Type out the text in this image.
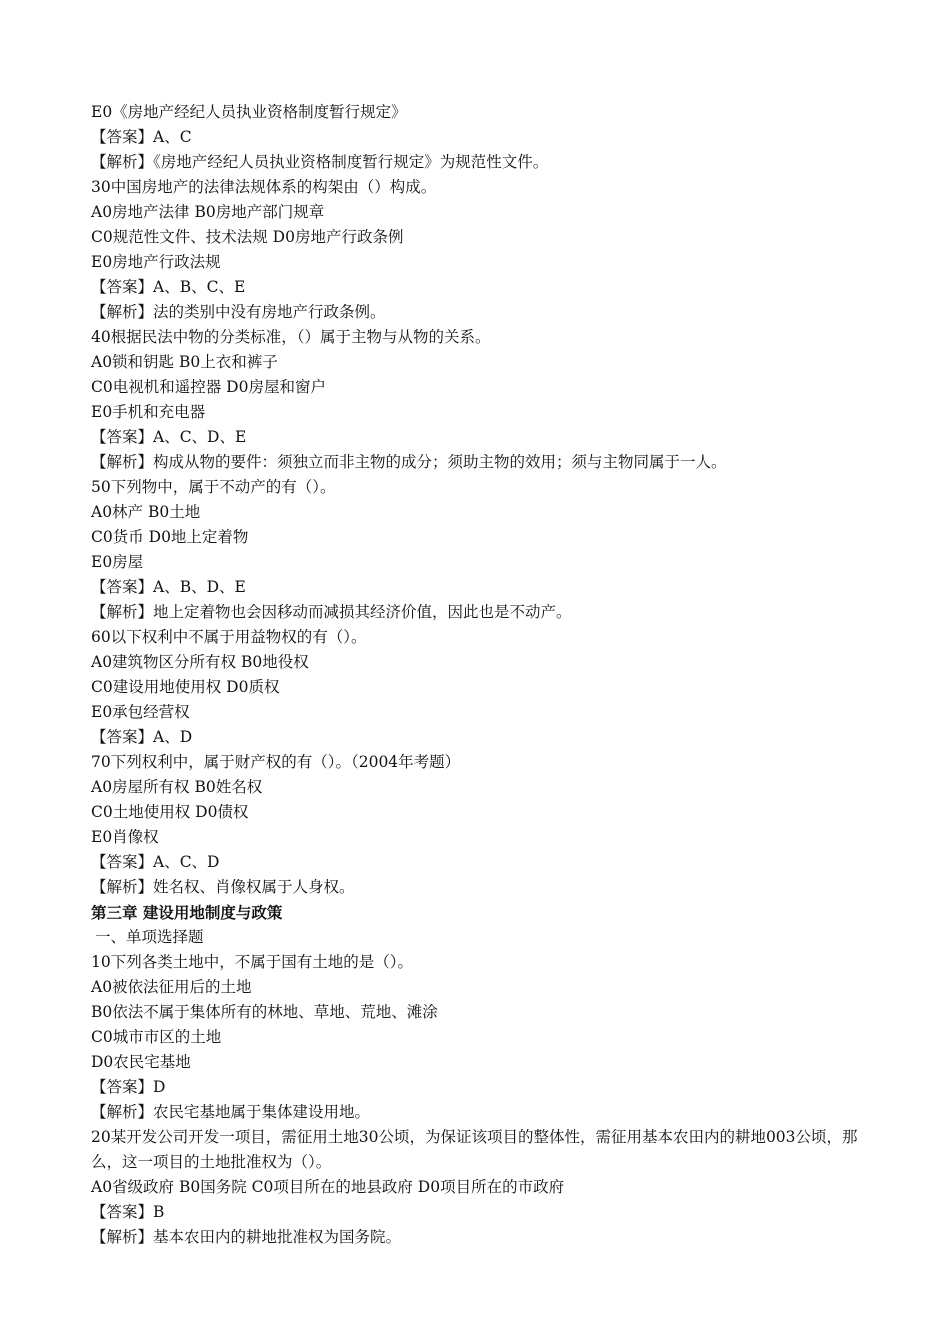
E0《房地产经纪人员执业资格制度暂行规定》
【答案】A、C
【解析】《房地产经纪人员执业资格制度暂行规定》为规范性文件。
30中国房地产的法律法规体系的构架由（）构成。
A0房地产法律 B0房地产部门规章
C0规范性文件、技术法规 D0房地产行政条例
E0房地产行政法规
【答案】A、B、C、E
【解析】法的类别中没有房地产行政条例。
40根据民法中物的分类标准，（）属于主物与从物的关系。
A0锁和钥匙 B0上衣和裤子
C0电视机和遥控器 D0房屋和窗户
E0手机和充电器
【答案】A、C、D、E
【解析】构成从物的要件：须独立而非主物的成分；须助主物的效用；须与主物同属于一人。
50下列物中，属于不动产的有（）。
A0林产 B0土地
C0货币 D0地上定着物
E0房屋
【答案】A、B、D、E
【解析】地上定着物也会因移动而减损其经济价值，因此也是不动产。
60以下权利中不属于用益物权的有（）。
A0建筑物区分所有权 B0地役权
C0建设用地使用权 D0质权
E0承包经营权
【答案】A、D
70下列权利中，属于财产权的有（）。（2004年考题）
A0房屋所有权 B0姓名权
C0土地使用权 D0债权
E0肖像权
【答案】A、C、D
【解析】姓名权、肖像权属于人身权。
第三章 建设用地制度与政策
一、单项选择题
10下列各类土地中，不属于国有土地的是（）。
A0被依法征用后的土地
B0依法不属于集体所有的林地、草地、荒地、滩涂
C0城市市区的土地
D0农民宅基地
【答案】D
【解析】农民宅基地属于集体建设用地。
20某开发公司开发一项目，需征用土地30公顷，为保证该项目的整体性，需征用基本农田内的耕地003公顷，那么，这一项目的土地批准权为（）。
A0省级政府 B0国务院 C0项目所在的地县政府 D0项目所在的市政府
【答案】B
【解析】基本农田内的耕地批准权为国务院。
